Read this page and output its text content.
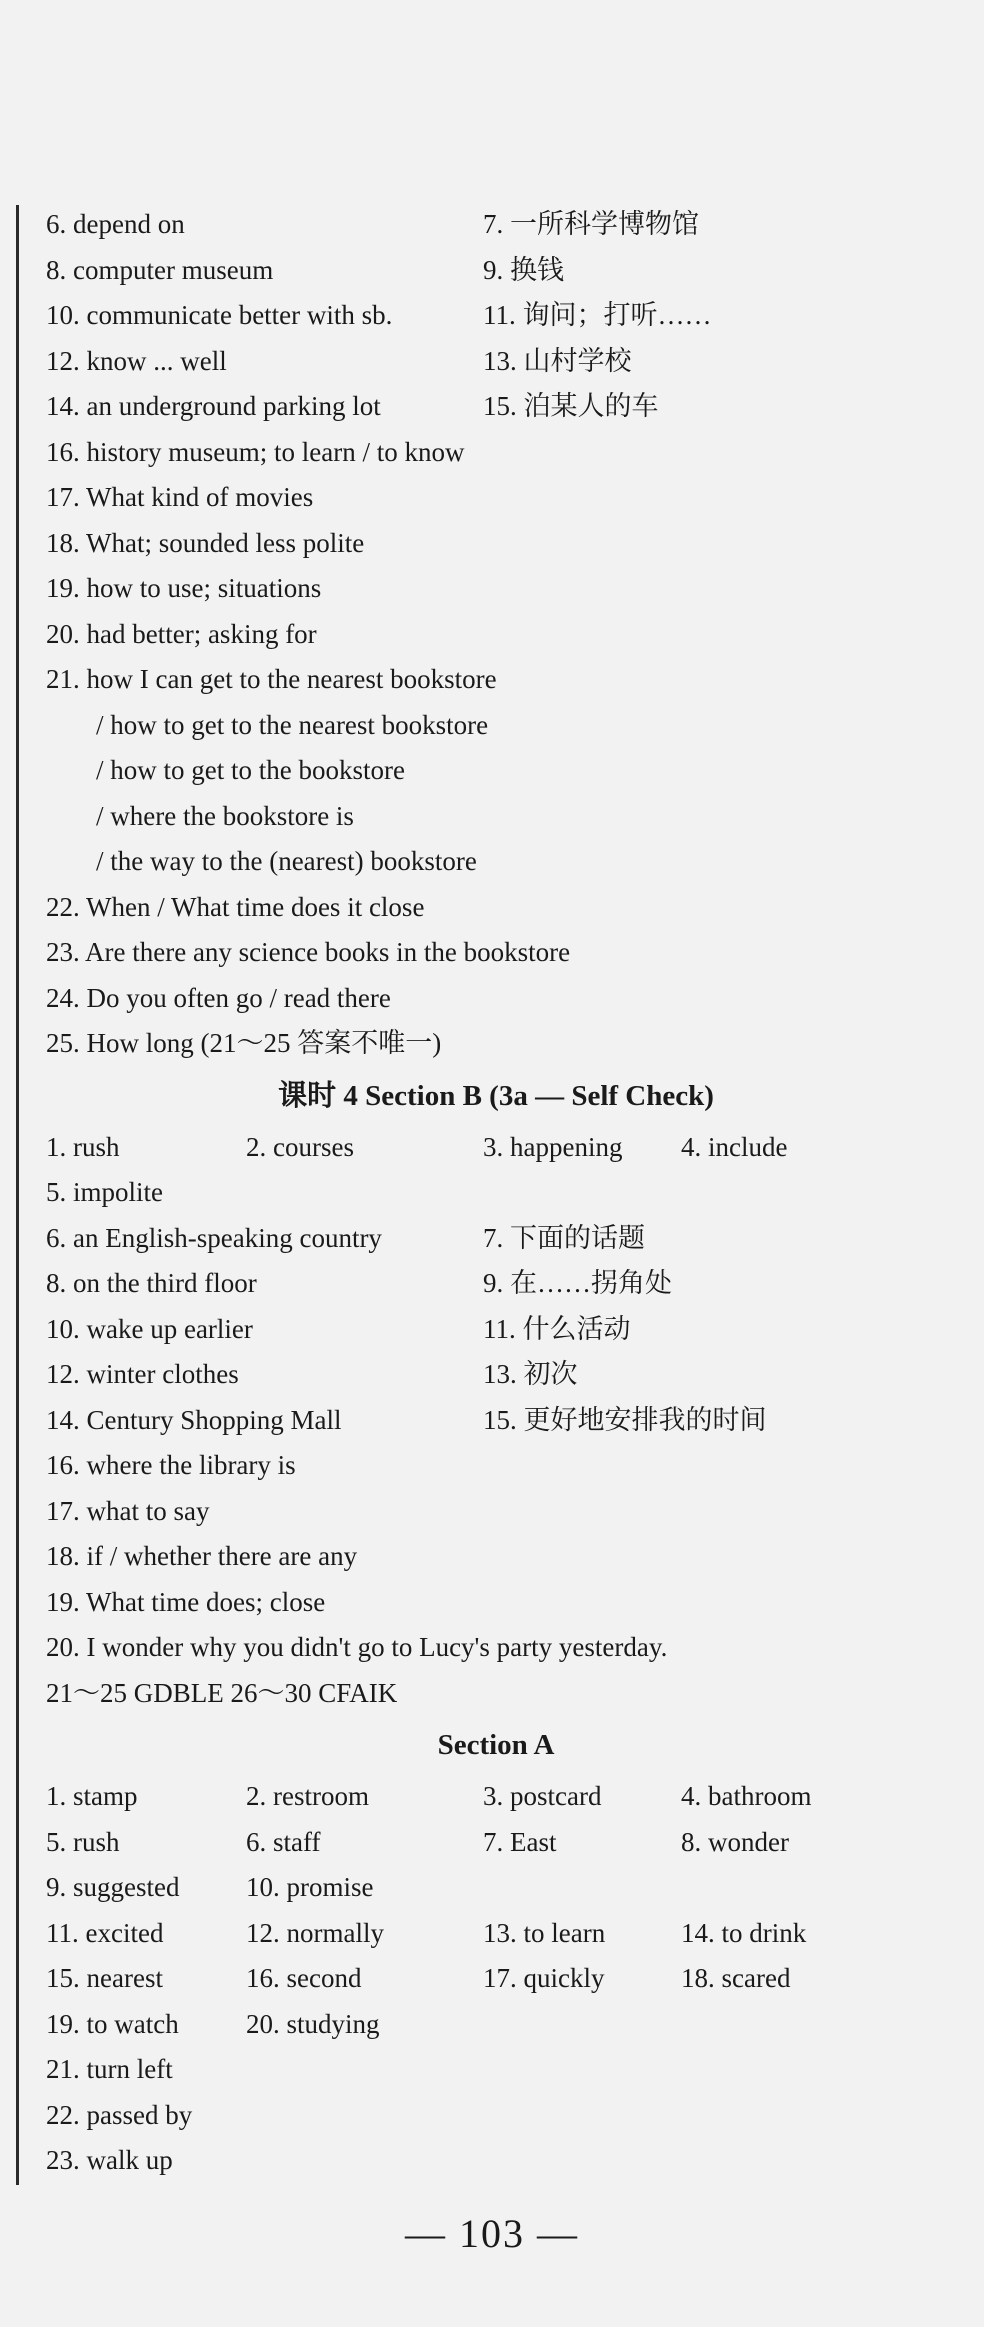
6. depend on	7. 一所科学博物馆
8. computer museum	9. 换钱
10. communicate better with sb.	11. 询问；打听……
12. know ... well	13. 山村学校
14. an underground parking lot	15. 泊某人的车
16. history museum; to learn / to know
17. What kind of movies
18. What; sounded less polite
19. how to use; situations
20. had better; asking for
21. how I can get to the nearest bookstore
/ how to get to the nearest bookstore
/ how to get to the bookstore
/ where the bookstore is
/ the way to the (nearest) bookstore
22. When / What time does it close
23. Are there any science books in the bookstore
24. Do you often go / read there
25. How long (21～25 答案不唯一)
课时 4 Section B (3a — Self Check)
1. rush	2. courses	3. happening 4. include
5. impolite
6. an English-speaking country	7. 下面的话题
8. on the third floor	9. 在……拐角处
10. wake up earlier	11. 什么活动
12. winter clothes	13. 初次
14. Century Shopping Mall	15. 更好地安排我的时间
16. where the library is
17. what to say
18. if / whether there are any
19. What time does; close
20. I wonder why you didn't go to Lucy's party yesterday.
21～25 GDBLE 26～30 CFAIK
Section A
1. stamp	2. restroom	3. postcard	4. bathroom
5. rush	6. staff	7. East	8. wonder
9. suggested 10. promise
11. excited	12. normally	13. to learn	14. to drink
15. nearest	16. second	17. quickly	18. scared
19. to watch 20. studying
21. turn left
22. passed by
23. walk up
— 103 —
